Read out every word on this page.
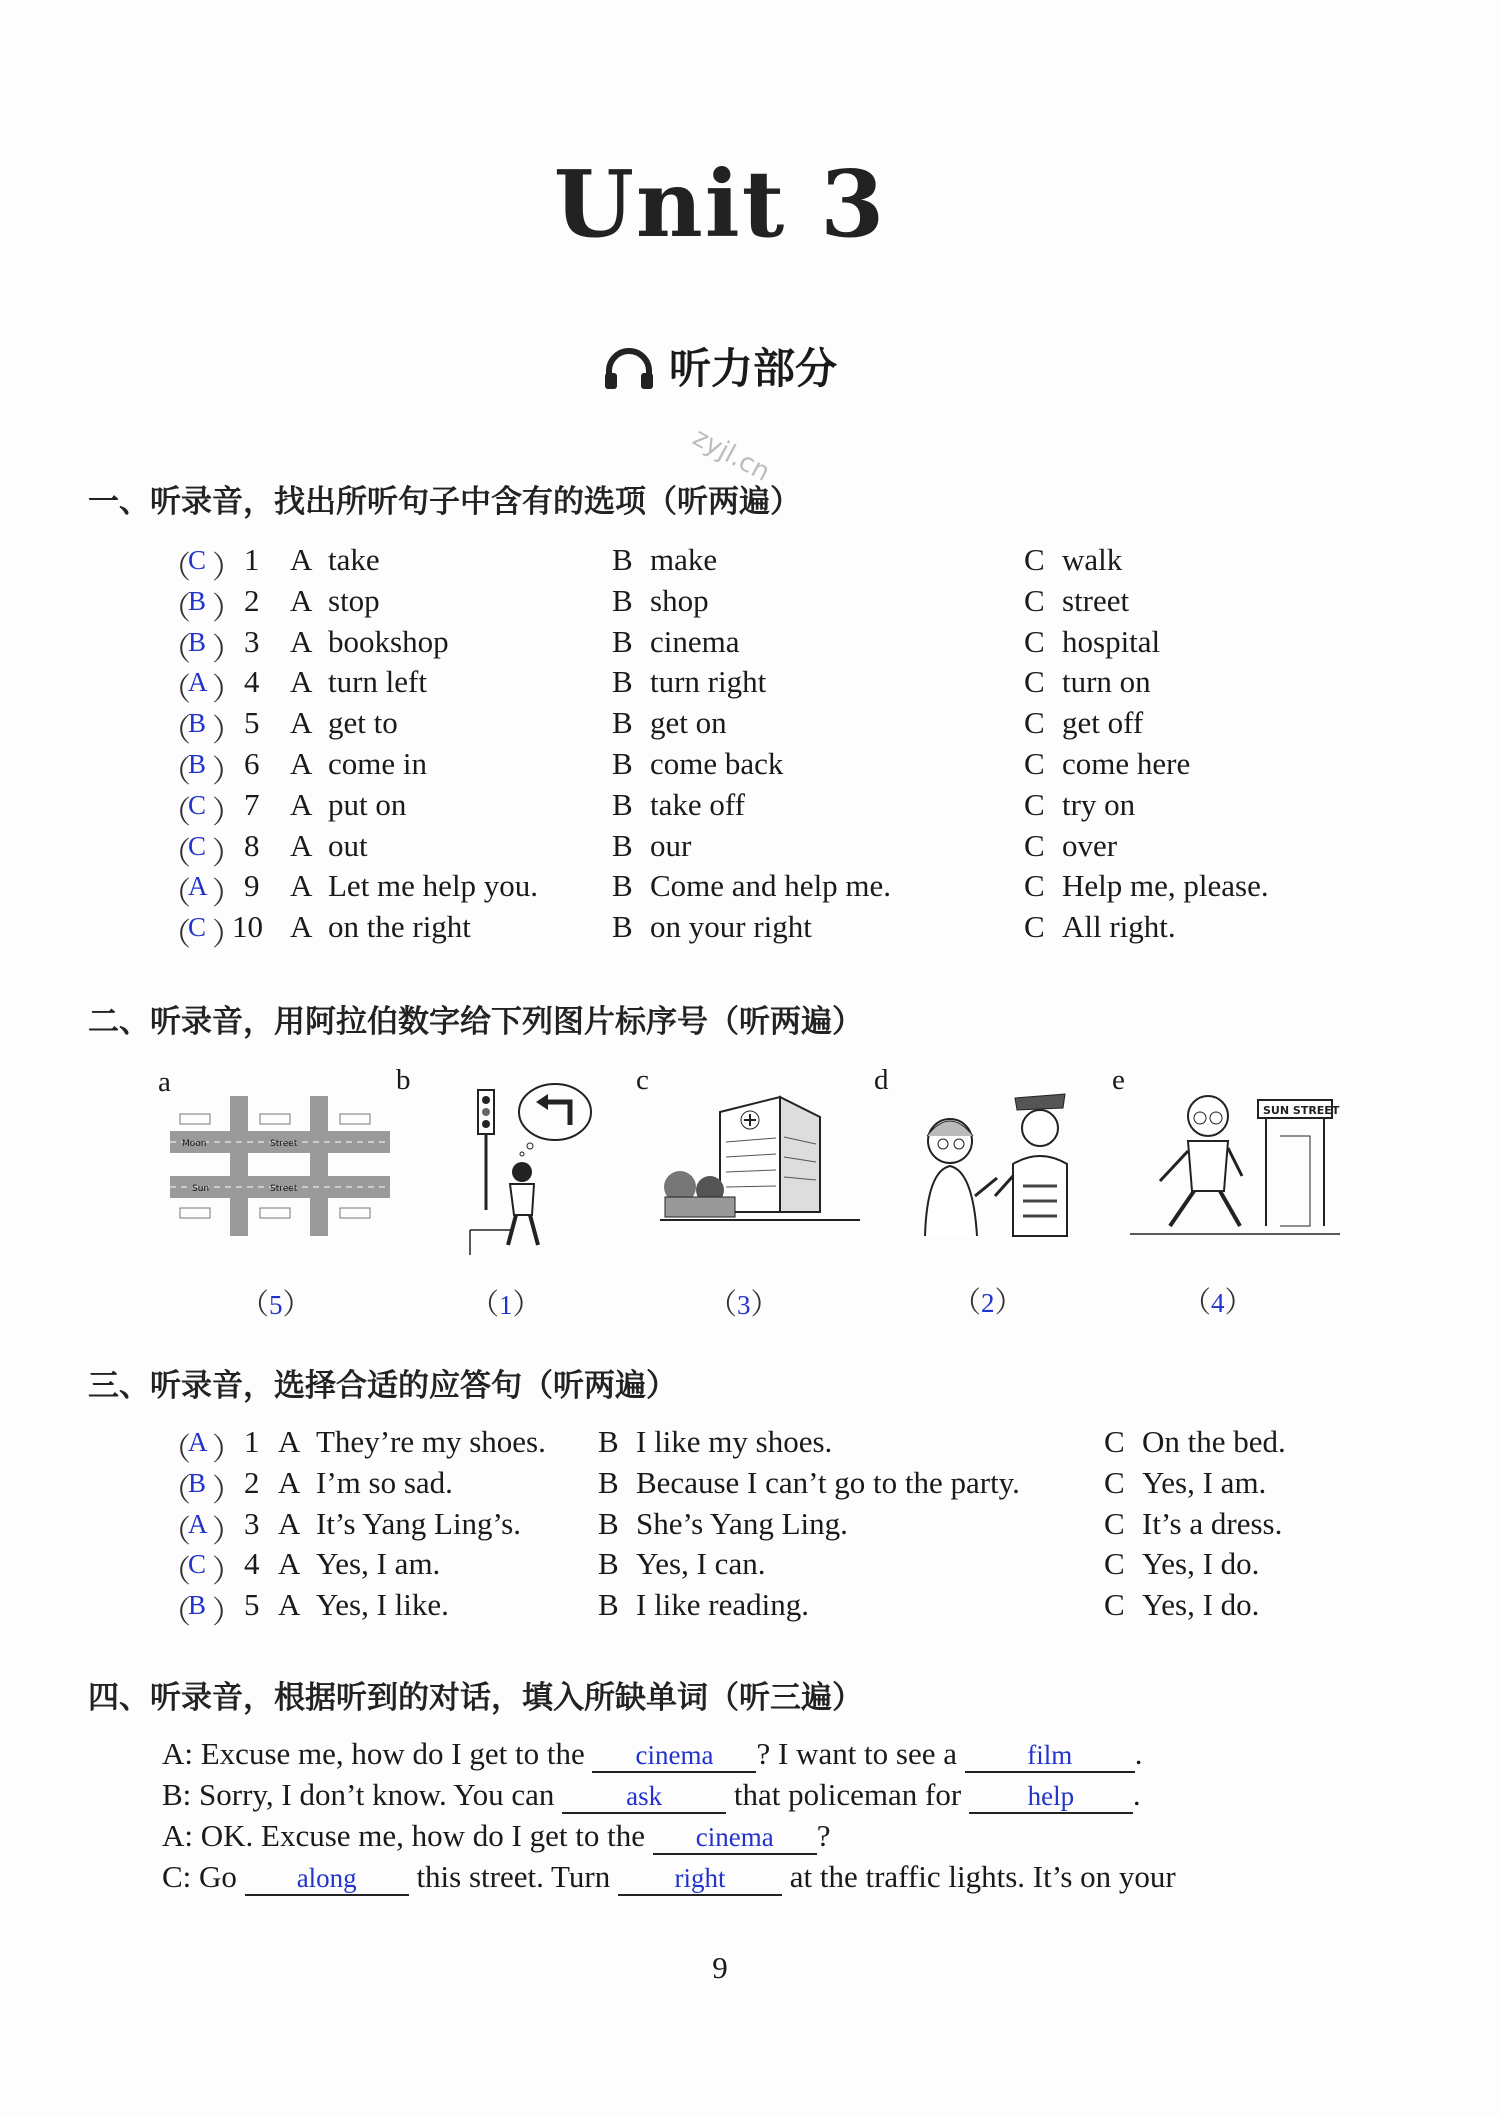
Unit 3
听力部分
zyjl.cn
一、听录音，找出所听句子中含有的选项（听两遍）
（
C ） 1 A take	B make	C walk
（
B ） 2 A stop	B shop	C street
（
B ） 3 A bookshop	B cinema	C hospital
（
A ） 4 A turn left	B turn right	C turn on
（
B ） 5 A get to	B get on	C get off
（
B ） 6 A come in	B come back	C come here
（
C ） 7 A put on	B take off	C try on
（
C ） 8 A out	B our	C over
（
A ） 9 A Let me help you. B Come and help me.	C Help me, please.
（
C ）
10 A on the right	B on your right	C All right.
二、听录音，用阿拉伯数字给下列图片标序号（听两遍）
a	b	c	d	e
Moon	Street
Sun	Street
SUN STREET
（5）	（1）	（3）	（2）	（4）
三、听录音，选择合适的应答句（听两遍）
（
A ） 1 A They’re my shoes. B I like my shoes.	C On the bed.
（
B ） 2 A I’m so sad.	B Because I can’t go to the party.	C Yes, I am.
（
A ） 3 A It’s Yang Ling’s. B She’s Yang Ling.	C It’s a dress.
（
C ） 4 A Yes, I am.	B Yes, I can.	C Yes, I do.
（
B ） 5 A Yes, I like.	B I like reading.	C Yes, I do.
四、听录音，根据听到的对话，填入所缺单词（听三遍）
A: Excuse me, how do I get to the cinema ? I want to see a film .
B: Sorry, I don’t know. You can ask that policeman for help .
A: OK. Excuse me, how do I get to the cinema ?
C: Go along this street. Turn right at the traffic lights. It’s on your
9
